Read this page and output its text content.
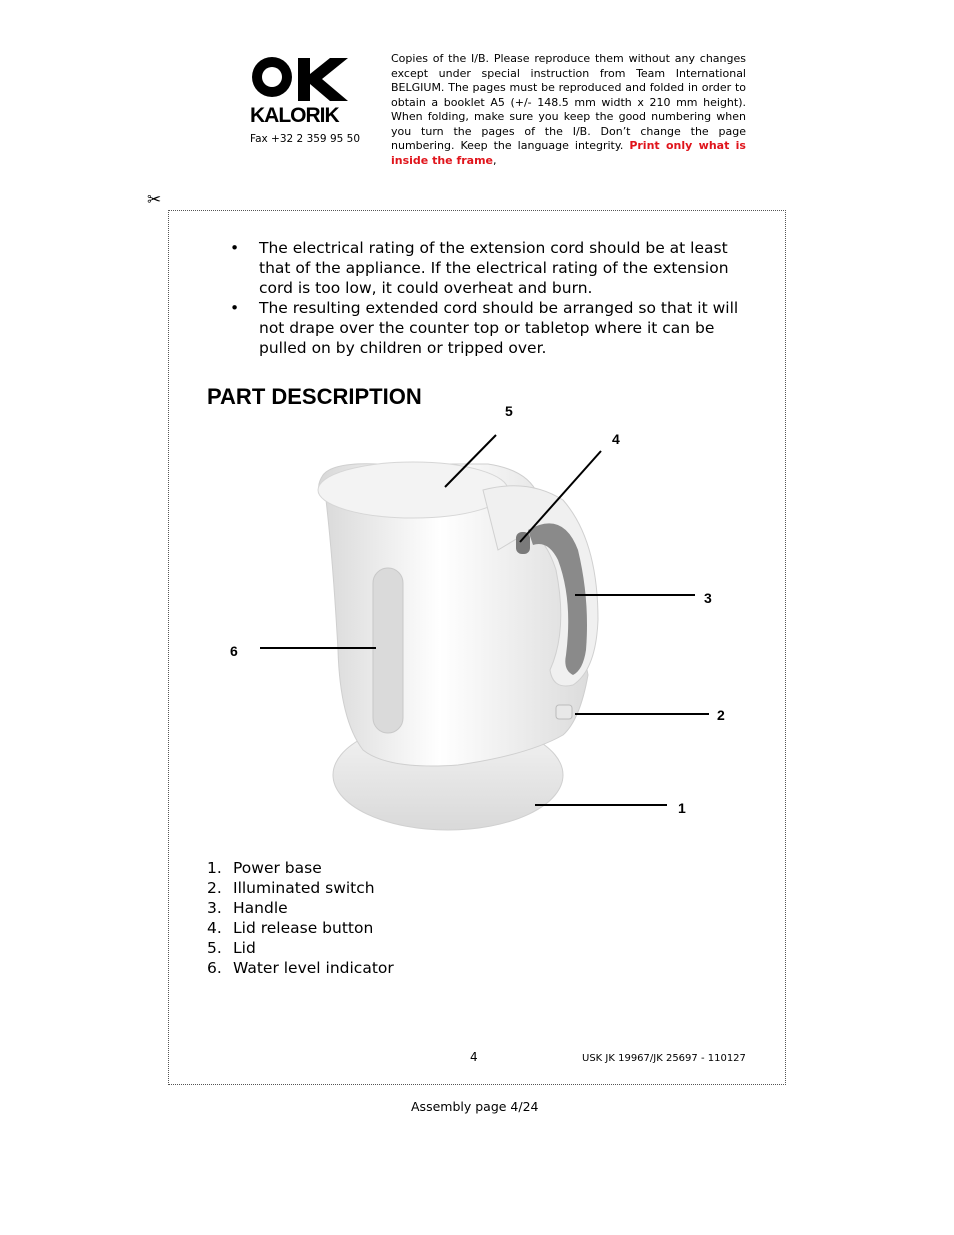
KALORIK
Fax +32 2 359 95 50
Copies of the I/B. Please reproduce them without any changes except under special instruction from Team International BELGIUM. The pages must be reproduced and folded in order to obtain a booklet A5 (+/- 148.5 mm width x 210 mm height). When folding, make sure you keep the good numbering when you turn the pages of the I/B. Don’t change the page numbering. Keep the language integrity. Print only what is inside the frame,
✂
• The electrical rating of the extension cord should be at least that of the appliance. If the electrical rating of the extension cord is too low, it could overheat and burn.
• The resulting extended cord should be arranged so that it will not drape over the counter top or tabletop where it can be pulled on by children or tripped over.
PART DESCRIPTION
5
4
3
6
2
1
1. Power base
2. Illuminated switch
3. Handle
4. Lid release button
5. Lid
6. Water level indicator
4	USK JK 19967/JK 25697 - 110127
Assembly page 4/24
